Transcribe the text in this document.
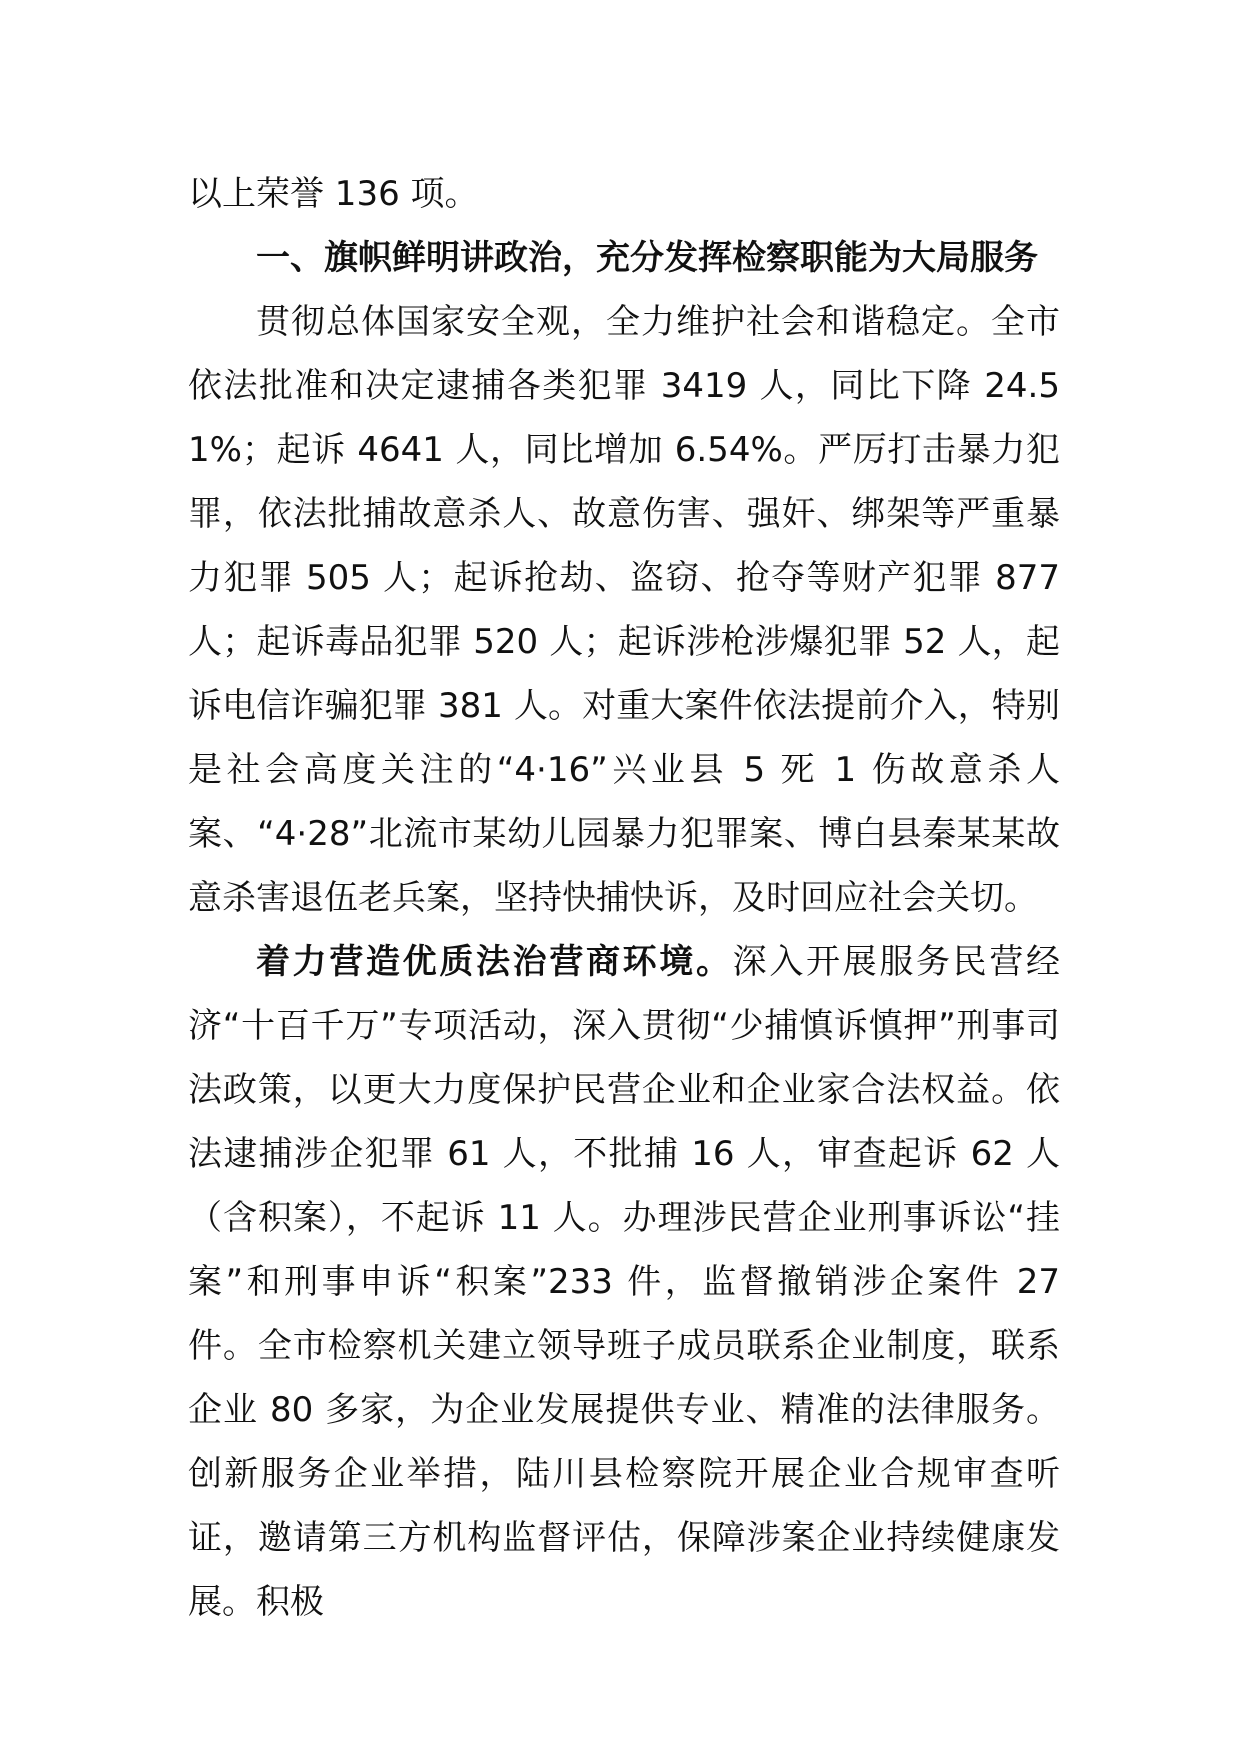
以上荣誉 136 项。

一、旗帜鲜明讲政治，充分发挥检察职能为大局服务

贯彻总体国家安全观，全力维护社会和谐稳定。全市依法批准和决定逮捕各类犯罪 3419 人，同比下降 24.51%；起诉 4641 人，同比增加 6.54%。严厉打击暴力犯罪，依法批捕故意杀人、故意伤害、强奸、绑架等严重暴力犯罪 505 人；起诉抢劫、盗窃、抢夺等财产犯罪 877 人；起诉毒品犯罪 520 人；起诉涉枪涉爆犯罪 52 人，起诉电信诈骗犯罪 381 人。对重大案件依法提前介入，特别是社会高度关注的“4·16”兴业县 5 死 1 伤故意杀人案、“4·28”北流市某幼儿园暴力犯罪案、博白县秦某某故意杀害退伍老兵案，坚持快捕快诉，及时回应社会关切。

着力营造优质法治营商环境。深入开展服务民营经济“十百千万”专项活动，深入贯彻“少捕慎诉慎押”刑事司法政策，以更大力度保护民营企业和企业家合法权益。依法逮捕涉企犯罪 61 人，不批捕 16 人，审查起诉 62 人（含积案），不起诉 11 人。办理涉民营企业刑事诉讼“挂案”和刑事申诉“积案”233 件，监督撤销涉企案件 27 件。全市检察机关建立领导班子成员联系企业制度，联系企业 80 多家，为企业发展提供专业、精准的法律服务。创新服务企业举措，陆川县检察院开展企业合规审查听证，邀请第三方机构监督评估，保障涉案企业持续健康发展。积极
